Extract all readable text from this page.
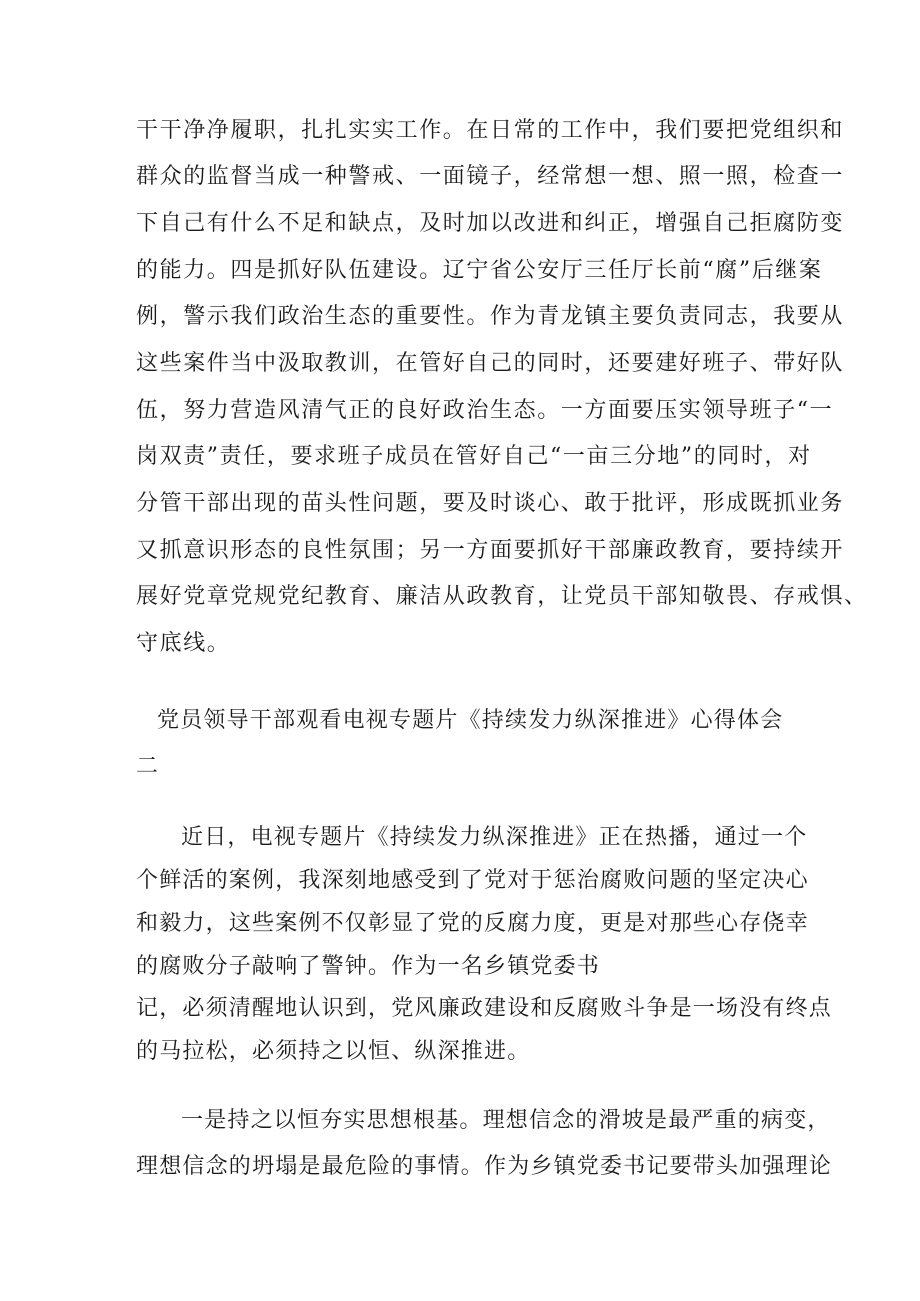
干干净净履职，扎扎实实工作。在日常的工作中，我们要把党组织和
群众的监督当成一种警戒、一面镜子，经常想一想、照一照，检查一
下自己有什么不足和缺点，及时加以改进和纠正，增强自己拒腐防变
的能力。四是抓好队伍建设。辽宁省公安厅三任厅长前“腐”后继案
例，警示我们政治生态的重要性。作为青龙镇主要负责同志，我要从
这些案件当中汲取教训，在管好自己的同时，还要建好班子、带好队
伍，努力营造风清气正的良好政治生态。一方面要压实领导班子“一
岗双责”责任，要求班子成员在管好自己“一亩三分地”的同时，对
分管干部出现的苗头性问题，要及时谈心、敢于批评，形成既抓业务
又抓意识形态的良性氛围；另一方面要抓好干部廉政教育，要持续开
展好党章党规党纪教育、廉洁从政教育，让党员干部知敬畏、存戒惧、
守底线。
党员领导干部观看电视专题片《持续发力纵深推进》心得体会
二
近日，电视专题片《持续发力纵深推进》正在热播，通过一个
个鲜活的案例，我深刻地感受到了党对于惩治腐败问题的坚定决心
和毅力，这些案例不仅彰显了党的反腐力度，更是对那些心存侥幸
的腐败分子敲响了警钟。作为一名乡镇党委书
记，必须清醒地认识到，党风廉政建设和反腐败斗争是一场没有终点
的马拉松，必须持之以恒、纵深推进。
一是持之以恒夯实思想根基。理想信念的滑坡是最严重的病变，
理想信念的坍塌是最危险的事情。作为乡镇党委书记要带头加强理论
